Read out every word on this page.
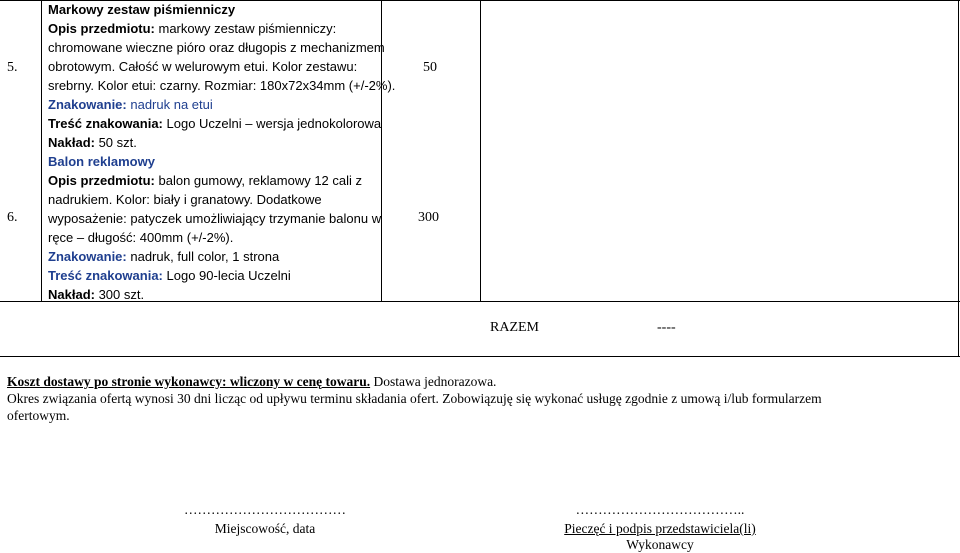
5.
6.
50
300
Markowy zestaw piśmienniczy
Opis przedmiotu: markowy zestaw piśmienniczy:
chromowane wieczne pióro oraz długopis z mechanizmem
obrotowym. Całość w welurowym etui. Kolor zestawu:
srebrny. Kolor etui: czarny. Rozmiar: 180x72x34mm (+/-2%).
Znakowanie: nadruk na etui
Treść znakowania: Logo Uczelni – wersja jednokolorowa
Nakład: 50 szt.
Balon reklamowy
Opis przedmiotu: balon gumowy, reklamowy 12 cali z
nadrukiem. Kolor: biały i granatowy. Dodatkowe
wyposażenie: patyczek umożliwiający trzymanie balonu w
ręce – długość: 400mm (+/-2%).
Znakowanie: nadruk, full color, 1 strona
Treść znakowania: Logo 90-lecia Uczelni
Nakład: 300 szt.
RAZEM	----
Koszt dostawy po stronie wykonawcy: wliczony w cenę towaru. Dostawa jednorazowa.
Okres związania ofertą wynosi 30 dni licząc od upływu terminu składania ofert. Zobowiązuję się wykonać usługę zgodnie z umową i/lub formularzem
ofertowym.
………………………………
Miejscowość, data
………………………………..
Pieczęć i podpis przedstawiciela(li)
Wykonawcy
